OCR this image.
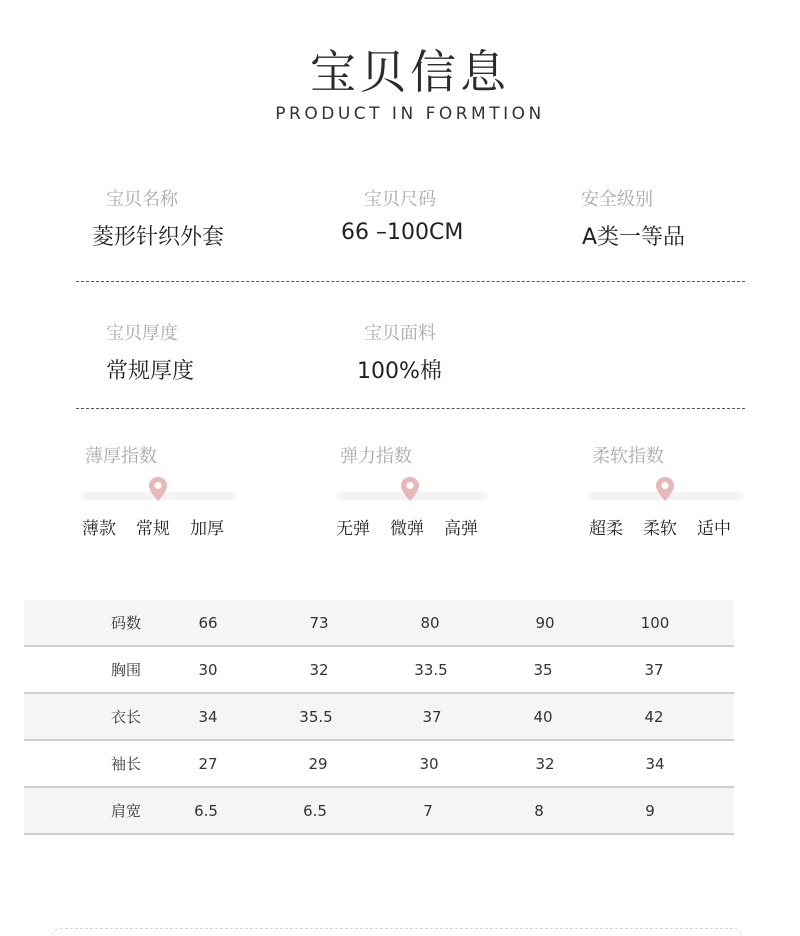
宝贝信息
PRODUCT IN FORMTION
宝贝名称
菱形针织外套
宝贝尺码
66 –100CM
安全级别
A类一等品
宝贝厚度
常规厚度
宝贝面料
100%棉
薄厚指数
薄款 常规 加厚
弹力指数
无弹 微弹 高弹
柔软指数
超柔 柔软 适中
码数	66	73	80	90	100
胸围	30	32	33.5	35	37
衣长	34	35.5	37	40	42
袖长	27	29	30	32	34
肩宽	6.5	6.5	7	8	9
